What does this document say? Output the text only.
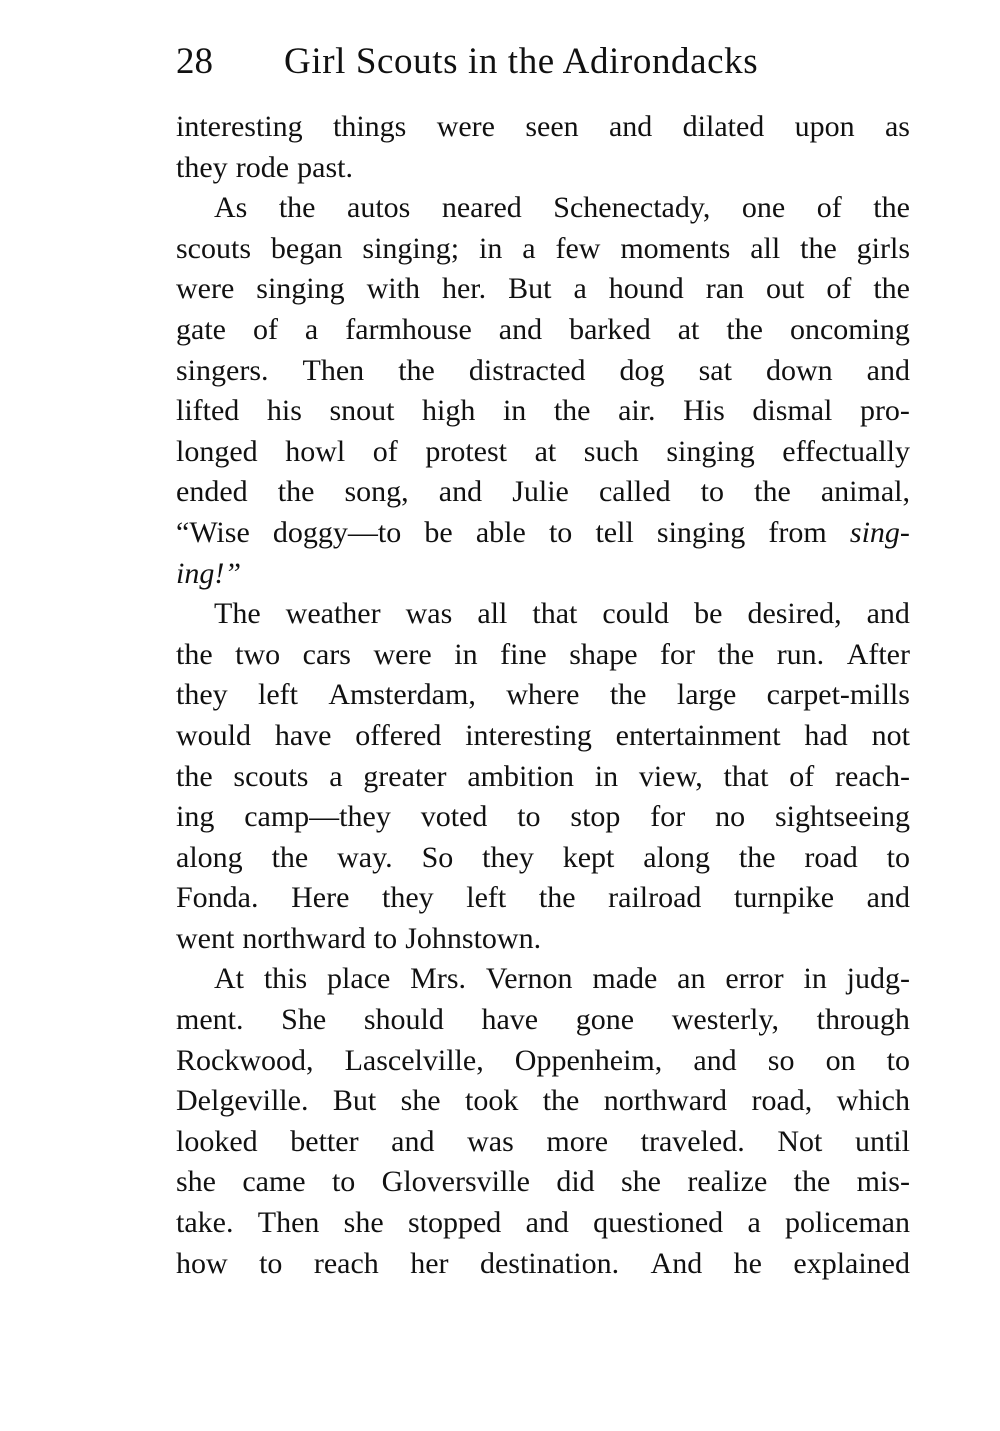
28 Girl Scouts in the Adirondacks
interesting things were seen and dilated upon as
they rode past.
As the autos neared Schenectady, one of the
scouts began singing; in a few moments all the girls
were singing with her. But a hound ran out of the
gate of a farmhouse and barked at the oncoming
singers. Then the distracted dog sat down and
lifted his snout high in the air. His dismal pro-
longed howl of protest at such singing effectually
ended the song, and Julie called to the animal,
“Wise doggy—to be able to tell singing from sing-
ing!”
The weather was all that could be desired, and
the two cars were in fine shape for the run. After
they left Amsterdam, where the large carpet-mills
would have offered interesting entertainment had not
the scouts a greater ambition in view, that of reach-
ing camp—they voted to stop for no sightseeing
along the way. So they kept along the road to
Fonda. Here they left the railroad turnpike and
went northward to Johnstown.
At this place Mrs. Vernon made an error in judg-
ment. She should have gone westerly, through
Rockwood, Lascelville, Oppenheim, and so on to
Delgeville. But she took the northward road, which
looked better and was more traveled. Not until
she came to Gloversville did she realize the mis-
take. Then she stopped and questioned a policeman
how to reach her destination. And he explained
